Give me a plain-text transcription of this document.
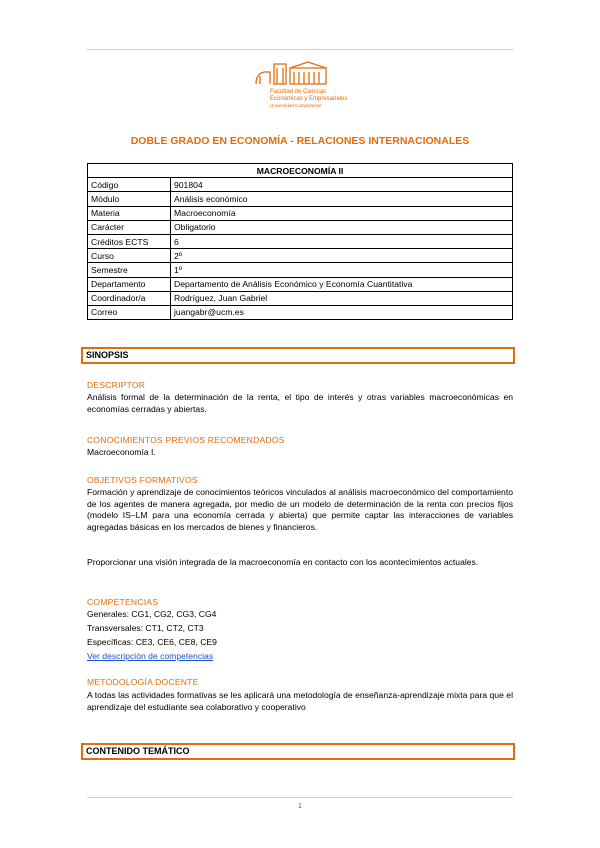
Facultad de Ciencias
Económicas y Empresariales
Universidad Complutense
DOBLE GRADO EN ECONOMÍA - RELACIONES INTERNACIONALES
MACROECONOMÍA II	
Código	901804
Módulo	Análisis económico
Materia	Macroeconomía
Carácter	Obligatorio
Créditos ECTS	6
Curso	2º
Semestre	1º
Departamento	Departamento de Análisis Económico y Economía Cuantitativa
Coordinador/a	Rodríguez, Juan Gabriel
Correo	juangabr@ucm.es
SINOPSIS
DESCRIPTOR
Análisis formal de la determinación de la renta, el tipo de interés y otras variables macroeconómicas en economías cerradas y abiertas.
CONOCIMIENTOS PREVIOS RECOMENDADOS
Macroeconomía I.
OBJETIVOS FORMATIVOS
Formación y aprendizaje de conocimientos teóricos vinculados al análisis macroeconómico del comportamiento de los agentes de manera agregada, por medio de un modelo de determinación de la renta con precios fijos (modelo IS–LM para una economía cerrada y abierta) que permite captar las interacciones de variables agregadas básicas en los mercados de bienes y financieros.
Proporcionar una visión integrada de la macroeconomía en contacto con los acontecimientos actuales.
COMPETENCIAS
Generales: CG1, CG2, CG3, CG4
Transversales: CT1, CT2, CT3
Específicas: CE3, CE6, CE8, CE9
Ver descripción de competencias
METODOLOGÍA DOCENTE
A todas las actividades formativas se les aplicará una metodología de enseñanza-aprendizaje mixta para que el aprendizaje del estudiante sea colaborativo y cooperativo
CONTENIDO TEMÁTICO
1
